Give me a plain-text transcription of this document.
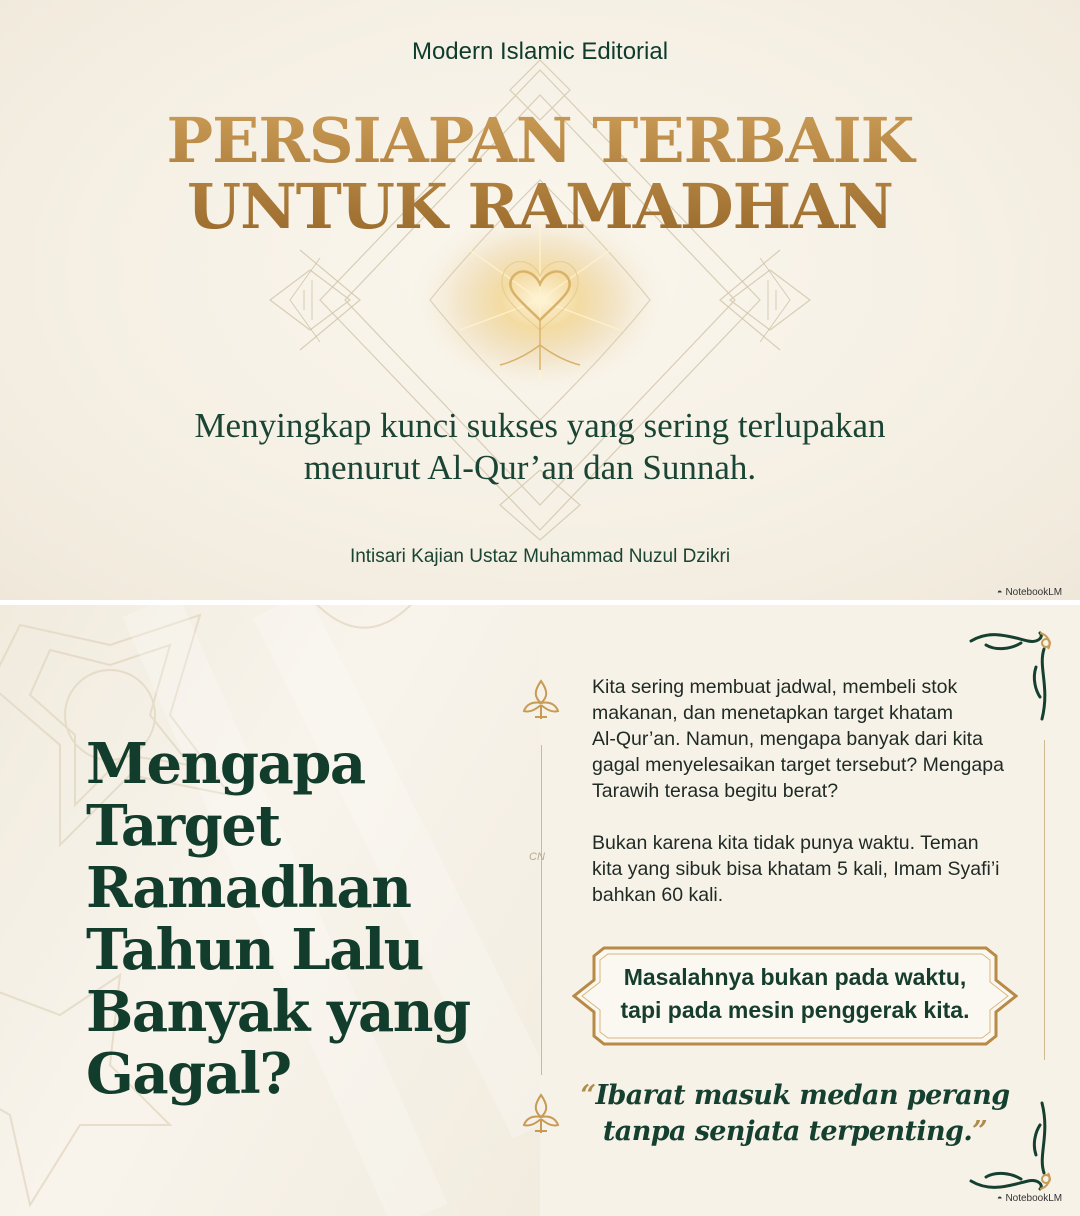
Modern Islamic Editorial
PERSIAPAN TERBAIK
UNTUK RAMADHAN
Menyingkap kunci sukses yang sering terlupakan
menurut Al-Qur’an dan Sunnah.
Intisari Kajian Ustaz Muhammad Nuzul Dzikri
◓ NotebookLM
Mengapa
Target
Ramadhan
Tahun Lalu
Banyak yang
Gagal?
CN
Kita sering membuat jadwal, membeli stok
makanan, dan menetapkan target khatam
Al-Qur’an. Namun, mengapa banyak dari kita
gagal menyelesaikan target tersebut? Mengapa
Tarawih terasa begitu berat?
Bukan karena kita tidak punya waktu. Teman
kita yang sibuk bisa khatam 5 kali, Imam Syafi’i
bahkan 60 kali.
Masalahnya bukan pada waktu,
tapi pada mesin penggerak kita.
“Ibarat masuk medan perang
tanpa senjata terpenting.”
◓ NotebookLM
